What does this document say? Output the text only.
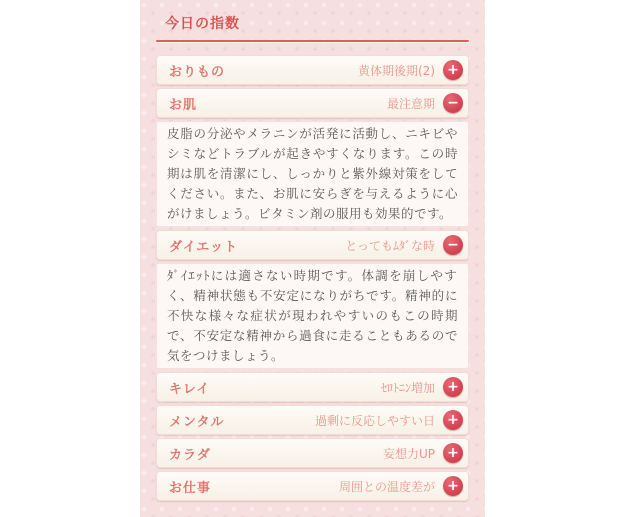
今日の指数
おりもの	黄体期後期(2) +
お肌	最注意期 −
皮脂の分泌やメラニンが活発に活動し、ニキビやシミなどトラブルが起きやすくなります。この時期は肌を清潔にし、しっかりと紫外線対策をしてください。また、お肌に安らぎを与えるように心がけましょう。ビタミン剤の服用も効果的です。
ダイエット	とってもﾑﾀﾞな時 −
ﾀﾞｲｴｯﾄには適さない時期です。体調を崩しやすく、精神状態も不安定になりがちです。精神的に不快な様々な症状が現われやすいのもこの時期で、不安定な精神から過食に走ることもあるので気をつけましょう。
キレイ	ｾﾛﾄﾆﾝ増加 +
メンタル	過剰に反応しやすい日 +
カラダ	妄想力UP +
お仕事	周囲との温度差が +
